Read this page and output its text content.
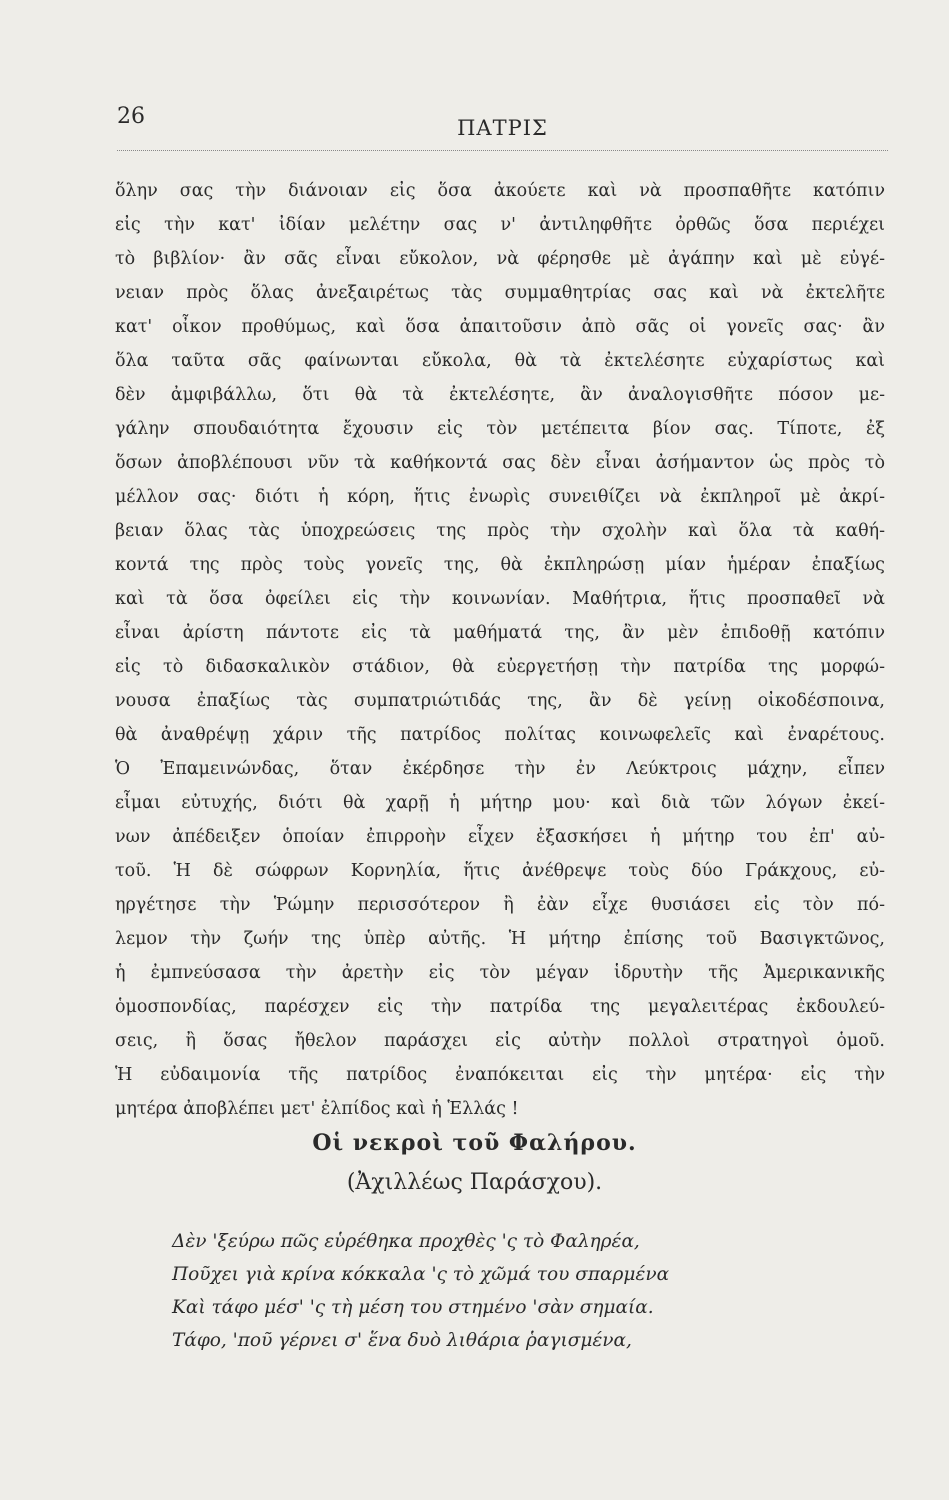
26	ΠΑΤΡΙΣ
ὅλην σας τὴν διάνοιαν εἰς ὅσα ἀκούετε καὶ νὰ προσπαθῆτε κατόπιν
εἰς τὴν κατ' ἰδίαν μελέτην σας ν' ἀντιληφθῆτε ὀρθῶς ὅσα περιέχει
τὸ βιβλίον· ἂν σᾶς εἶναι εὔκολον, νὰ φέρησθε μὲ ἀγάπην καὶ μὲ εὐγέ-
νειαν πρὸς ὅλας ἀνεξαιρέτως τὰς συμμαθητρίας σας καὶ νὰ ἐκτελῆτε
κατ' οἶκον προθύμως, καὶ ὅσα ἀπαιτοῦσιν ἀπὸ σᾶς οἱ γονεῖς σας· ἂν
ὅλα ταῦτα σᾶς φαίνωνται εὔκολα, θὰ τὰ ἐκτελέσητε εὐχαρίστως καὶ
δὲν ἀμφιβάλλω, ὅτι θὰ τὰ ἐκτελέσητε, ἂν ἀναλογισθῆτε πόσον με-
γάλην σπουδαιότητα ἔχουσιν εἰς τὸν μετέπειτα βίον σας. Τίποτε, ἐξ
ὅσων ἀποβλέπουσι νῦν τὰ καθήκοντά σας δὲν εἶναι ἀσήμαντον ὡς πρὸς τὸ
μέλλον σας· διότι ἡ κόρη, ἥτις ἐνωρὶς συνειθίζει νὰ ἐκπληροῖ μὲ ἀκρί-
βειαν ὅλας τὰς ὑποχρεώσεις της πρὸς τὴν σχολὴν καὶ ὅλα τὰ καθή-
κοντά της πρὸς τοὺς γονεῖς της, θὰ ἐκπληρώσῃ μίαν ἡμέραν ἐπαξίως
καὶ τὰ ὅσα ὀφείλει εἰς τὴν κοινωνίαν. Μαθήτρια, ἥτις προσπαθεῖ νὰ
εἶναι ἀρίστη πάντοτε εἰς τὰ μαθήματά της, ἂν μὲν ἐπιδοθῇ κατόπιν
εἰς τὸ διδασκαλικὸν στάδιον, θὰ εὐεργετήσῃ τὴν πατρίδα της μορφώ-
νουσα ἐπαξίως τὰς συμπατριώτιδάς της, ἂν δὲ γείνῃ οἰκοδέσποινα,
θὰ ἀναθρέψῃ χάριν τῆς πατρίδος πολίτας κοινωφελεῖς καὶ ἐναρέτους.
Ὁ Ἐπαμεινώνδας, ὅταν ἐκέρδησε τὴν ἐν Λεύκτροις μάχην, εἶπεν
εἶμαι εὐτυχής, διότι θὰ χαρῇ ἡ μήτηρ μου· καὶ διὰ τῶν λόγων ἐκεί-
νων ἀπέδειξεν ὁποίαν ἐπιρροὴν εἶχεν ἐξασκήσει ἡ μήτηρ του ἐπ' αὐ-
τοῦ. Ἡ δὲ σώφρων Κορνηλία, ἥτις ἀνέθρεψε τοὺς δύο Γράκχους, εὐ-
ηργέτησε τὴν Ῥώμην περισσότερον ἢ ἐὰν εἶχε θυσιάσει εἰς τὸν πό-
λεμον τὴν ζωήν της ὑπὲρ αὐτῆς. Ἡ μήτηρ ἐπίσης τοῦ Βασιγκτῶνος,
ἡ ἐμπνεύσασα τὴν ἀρετὴν εἰς τὸν μέγαν ἱδρυτὴν τῆς Ἀμερικανικῆς
ὁμοσπονδίας, παρέσχεν εἰς τὴν πατρίδα της μεγαλειτέρας ἐκδουλεύ-
σεις, ἢ ὅσας ἤθελον παράσχει εἰς αὐτὴν πολλοὶ στρατηγοὶ ὁμοῦ.
Ἡ εὐδαιμονία τῆς πατρίδος ἐναπόκειται εἰς τὴν μητέρα· εἰς τὴν
μητέρα ἀποβλέπει μετ' ἐλπίδος καὶ ἡ Ἑλλάς !
Οἱ νεκροὶ τοῦ Φαλήρου.
(Ἀχιλλέως Παράσχου).
Δὲν 'ξεύρω πῶς εὑρέθηκα προχθὲς 'ς τὸ Φαληρέα,
Ποῦχει γιὰ κρίνα κόκκαλα 'ς τὸ χῶμά του σπαρμένα
Καὶ τάφο μέσ' 'ς τὴ μέση του στημένο 'σὰν σημαία.
Τάφο, 'ποῦ γέρνει σ' ἕνα δυὸ λιθάρια ῥαγισμένα,
